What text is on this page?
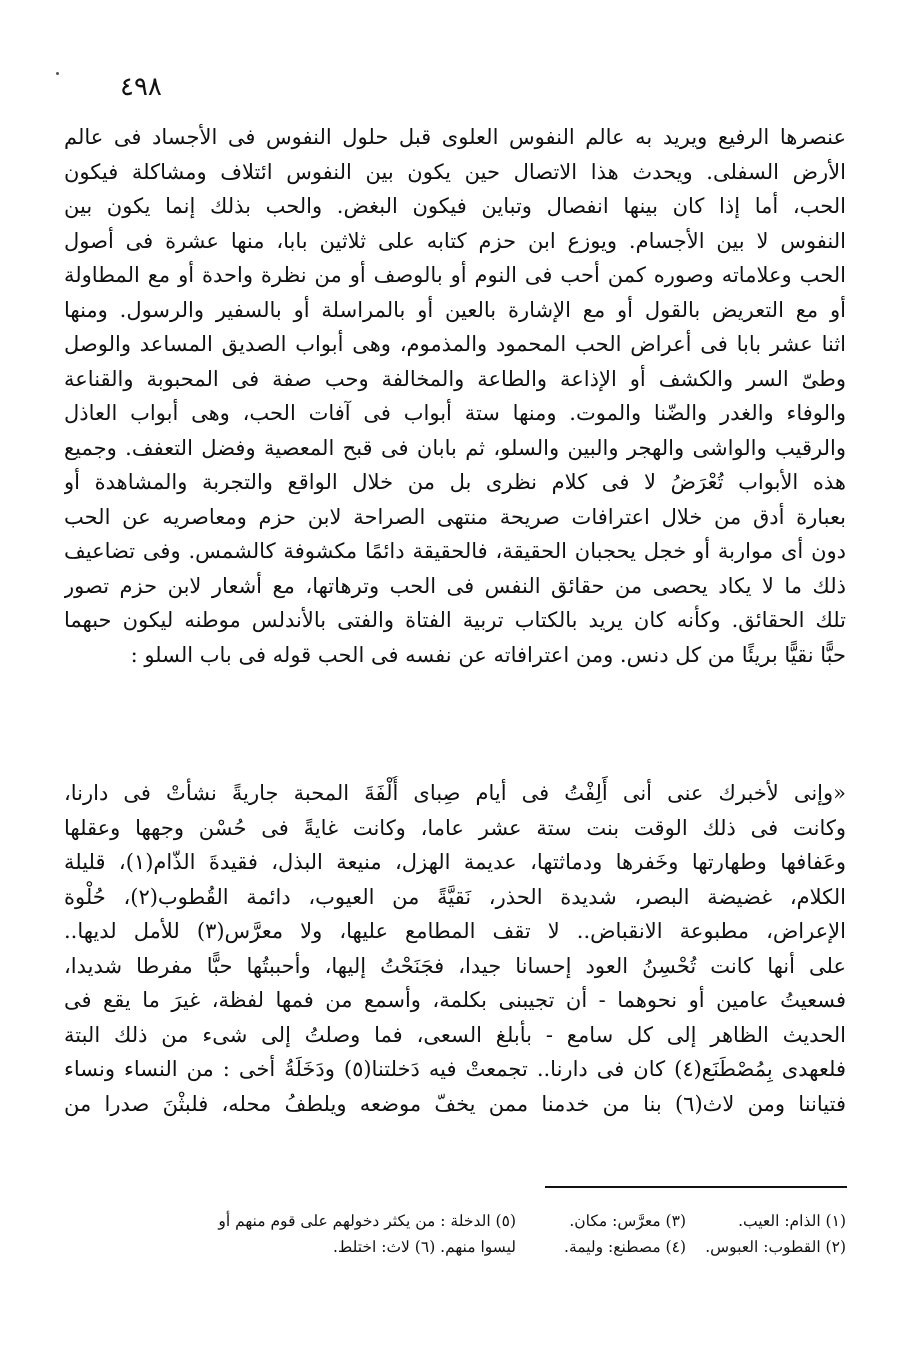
٤٩٨
عنصرها الرفيع ويريد به عالم النفوس العلوى قبل حلول النفوس فى الأجساد فى عالم
الأرض السفلى. ويحدث هذا الاتصال حين يكون بين النفوس ائتلاف ومشاكلة فيكون
الحب، أما إذا كان بينها انفصال وتباين فيكون البغض. والحب بذلك إنما يكون بين
النفوس لا بين الأجسام. ويوزع ابن حزم كتابه على ثلاثين بابا، منها عشرة فى أصول
الحب وعلاماته وصوره كمن أحب فى النوم أو بالوصف أو من نظرة واحدة أو مع المطاولة
أو مع التعريض بالقول أو مع الإشارة بالعين أو بالمراسلة أو بالسفير والرسول. ومنها
اثنا عشر بابا فى أعراض الحب المحمود والمذموم، وهى أبواب الصديق المساعد والوصل
وطىّ السر والكشف أو الإذاعة والطاعة والمخالفة وحب صفة فى المحبوبة والقناعة
والوفاء والغدر والضّنا والموت. ومنها ستة أبواب فى آفات الحب، وهى أبواب العاذل
والرقيب والواشى والهجر والبين والسلو، ثم بابان فى قبح المعصية وفضل التعفف. وجميع
هذه الأبواب تُعْرَضُ لا فى كلام نظرى بل من خلال الواقع والتجربة والمشاهدة أو
بعبارة أدق من خلال اعترافات صريحة منتهى الصراحة لابن حزم ومعاصريه عن الحب
دون أى مواربة أو خجل يحجبان الحقيقة، فالحقيقة دائمًا مكشوفة كالشمس. وفى تضاعيف
ذلك ما لا يكاد يحصى من حقائق النفس فى الحب وترهاتها، مع أشعار لابن حزم تصور
تلك الحقائق. وكأنه كان يريد بالكتاب تربية الفتاة والفتى بالأندلس موطنه ليكون حبهما
حبًّا نقيًّا بريئًا من كل دنس. ومن اعترافاته عن نفسه فى الحب قوله فى باب السلو :
«وإنى لأخبرك عنى أنى أَلِفْتُ فى أيام صِباى أُلْفَةَ المحبة جاريةً نشأتْ فى دارنا،
وكانت فى ذلك الوقت بنت ستة عشر عاما، وكانت غايةً فى حُسْن وجهها وعقلها
وعَفافها وطهارتها وخَفرها ودماثتها، عديمة الهزل، منيعة البذل، فقيدةَ الذّام(١)، قليلة
الكلام، غضيضة البصر، شديدة الحذر، نَقيَّةً من العيوب، دائمة القُطوب(٢)، حُلْوة
الإعراض، مطبوعة الانقباض.. لا تقف المطامع عليها، ولا معرَّس(٣) للأمل لديها..
على أنها كانت تُحْسِنُ العود إحسانا جيدا، فجَنَحْتُ إليها، وأحببتُها حبًّا مفرطا شديدا،
فسعيتُ عامين أو نحوهما - أن تجيبنى بكلمة، وأسمع من فمها لفظة، غيرَ ما يقع فى
الحديث الظاهر إلى كل سامع - بأبلغ السعى، فما وصلتُ إلى شىء من ذلك البتة
فلعهدى بِمُصْطَنَع(٤) كان فى دارنا.. تجمعتْ فيه دَخلتنا(٥) ودَخَلَةُ أخى : من النساء ونساء
فتياننا ومن لاث(٦) بنا من خدمنا ممن يخفّ موضعه ويلطفُ محله، فلبثْنَ صدرا من
(١) الذام: العيب.
(٢) القطوب: العبوس.
(٣) معرَّس: مكان.
(٤) مصطنع: وليمة.
(٥) الدخلة : من يكثر دخولهم على قوم منهم أو
ليسوا منهم. (٦) لاث: اختلط.
